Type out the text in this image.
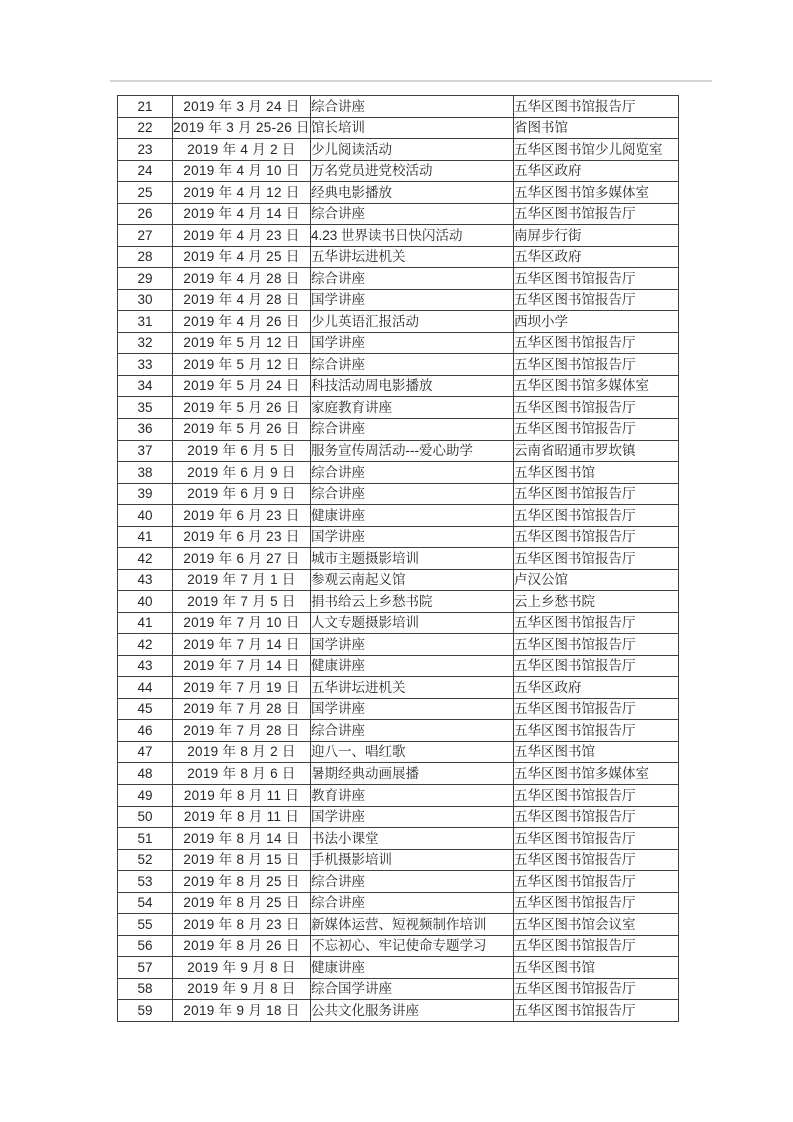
21	2019 年 3 月 24 日	综合讲座	五华区图书馆报告厅
22	2019 年 3 月 25-26 日	馆长培训	省图书馆
23	2019 年 4 月 2 日	少儿阅读活动	五华区图书馆少儿阅览室
24	2019 年 4 月 10 日	万名党员进党校活动	五华区政府
25	2019 年 4 月 12 日	经典电影播放	五华区图书馆多媒体室
26	2019 年 4 月 14 日	综合讲座	五华区图书馆报告厅
27	2019 年 4 月 23 日	4.23 世界读书日快闪活动	南屏步行街
28	2019 年 4 月 25 日	五华讲坛进机关	五华区政府
29	2019 年 4 月 28 日	综合讲座	五华区图书馆报告厅
30	2019 年 4 月 28 日	国学讲座	五华区图书馆报告厅
31	2019 年 4 月 26 日	少儿英语汇报活动	西坝小学
32	2019 年 5 月 12 日	国学讲座	五华区图书馆报告厅
33	2019 年 5 月 12 日	综合讲座	五华区图书馆报告厅
34	2019 年 5 月 24 日	科技活动周电影播放	五华区图书馆多媒体室
35	2019 年 5 月 26 日	家庭教育讲座	五华区图书馆报告厅
36	2019 年 5 月 26 日	综合讲座	五华区图书馆报告厅
37	2019 年 6 月 5 日	服务宣传周活动---爱心助学	云南省昭通市罗坎镇
38	2019 年 6 月 9 日	综合讲座	五华区图书馆
39	2019 年 6 月 9 日	综合讲座	五华区图书馆报告厅
40	2019 年 6 月 23 日	健康讲座	五华区图书馆报告厅
41	2019 年 6 月 23 日	国学讲座	五华区图书馆报告厅
42	2019 年 6 月 27 日	城市主题摄影培训	五华区图书馆报告厅
43	2019 年 7 月 1 日	参观云南起义馆	卢汉公馆
40	2019 年 7 月 5 日	捐书给云上乡愁书院	云上乡愁书院
41	2019 年 7 月 10 日	人文专题摄影培训	五华区图书馆报告厅
42	2019 年 7 月 14 日	国学讲座	五华区图书馆报告厅
43	2019 年 7 月 14 日	健康讲座	五华区图书馆报告厅
44	2019 年 7 月 19 日	五华讲坛进机关	五华区政府
45	2019 年 7 月 28 日	国学讲座	五华区图书馆报告厅
46	2019 年 7 月 28 日	综合讲座	五华区图书馆报告厅
47	2019 年 8 月 2 日	迎八一、唱红歌	五华区图书馆
48	2019 年 8 月 6 日	暑期经典动画展播	五华区图书馆多媒体室
49	2019 年 8 月 11 日	教育讲座	五华区图书馆报告厅
50	2019 年 8 月 11 日	国学讲座	五华区图书馆报告厅
51	2019 年 8 月 14 日	书法小课堂	五华区图书馆报告厅
52	2019 年 8 月 15 日	手机摄影培训	五华区图书馆报告厅
53	2019 年 8 月 25 日	综合讲座	五华区图书馆报告厅
54	2019 年 8 月 25 日	综合讲座	五华区图书馆报告厅
55	2019 年 8 月 23 日	新媒体运营、短视频制作培训	五华区图书馆会议室
56	2019 年 8 月 26 日	不忘初心、牢记使命专题学习	五华区图书馆报告厅
57	2019 年 9 月 8 日	健康讲座	五华区图书馆
58	2019 年 9 月 8 日	综合国学讲座	五华区图书馆报告厅
59	2019 年 9 月 18 日	公共文化服务讲座	五华区图书馆报告厅
